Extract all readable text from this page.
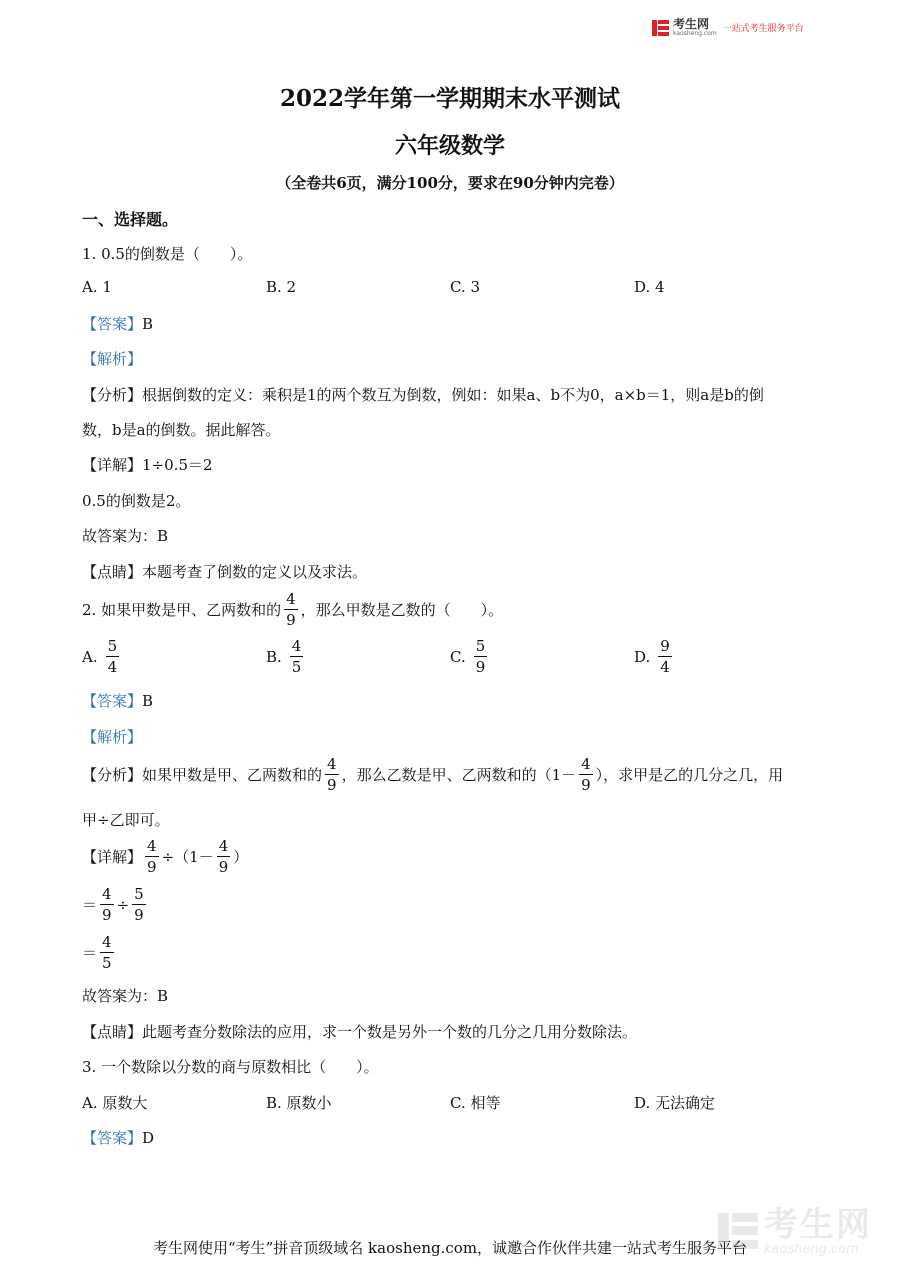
考生网
kaosheng.com 一站式考生服务平台
2022学年第一学期期末水平测试
六年级数学
（全卷共6页，满分100分，要求在90分钟内完卷）
一、选择题。
1. 0.5的倒数是（　　）。
A. 1	B. 2	C. 3	D. 4
【答案】B
【解析】
【分析】根据倒数的定义：乘积是1的两个数互为倒数，例如：如果a、b不为0，a×b＝1，则a是b的倒
数，b是a的倒数。据此解答。
【详解】1÷0.5＝2
0.5的倒数是2。
故答案为：B
【点睛】本题考查了倒数的定义以及求法。
2. 如果甲数是甲、乙两数和的 $\frac{4}{9}$ ，那么甲数是乙数的（　　）。
A. $\frac{5}{4}$	B. $\frac{4}{5}$	C. $\frac{5}{9}$	D. $\frac{9}{4}$
【答案】B
【解析】
【分析】 如果甲数是甲、乙两数和的 $\frac{4}{9}$ ，那么乙数是甲、乙两数和的（$1- \frac{4}{9}$ ），求甲是乙的几分之几，用
甲÷乙即可。
【详解】 $\frac{4}{9} \div(1- \frac{4}{9}$ ）
＝ $\frac{4}{9} \div \frac{5}{9}$
＝ $\frac{4}{5}$
故答案为：B
【点睛】此题考查分数除法的应用，求一个数是另外一个数的几分之几用分数除法。
3. 一个数除以分数的商与原数相比（　　）。
A. 原数大	B. 原数小	C. 相等	D. 无法确定
【答案】D
考生网
kaosheng.com
考生网使用“考生”拼音顶级域名 kaosheng.com，诚邀合作伙伴共建一站式考生服务平台
